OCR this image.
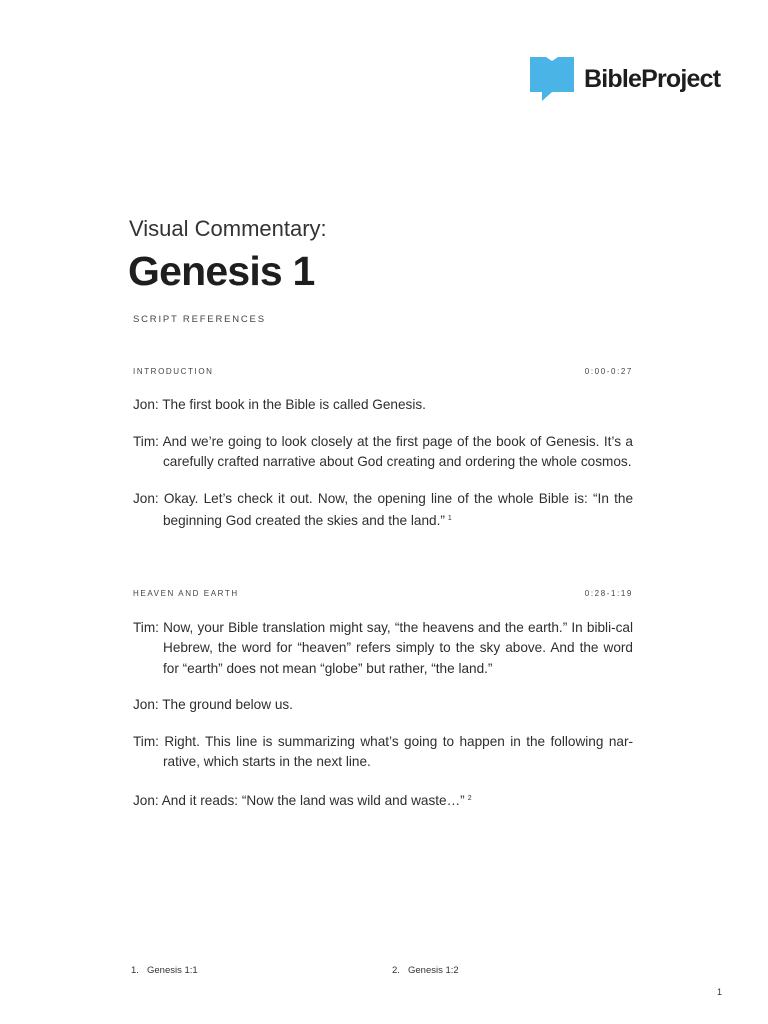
BibleProject
Visual Commentary:
Genesis 1
SCRIPT REFERENCES
INTRODUCTION	0:00-0:27

Jon: The first book in the Bible is called Genesis.

Tim: And we’re going to look closely at the first page of the book of Genesis. It’s a carefully crafted narrative about God creating and ordering the whole cosmos.

Jon: Okay. Let’s check it out. Now, the opening line of the whole Bible is: “In the beginning God created the skies and the land.” $^1$

HEAVEN AND EARTH	0:28-1:19

Tim: Now, your Bible translation might say, “the heavens and the earth.” In bibli-cal Hebrew, the word for “heaven” refers simply to the sky above. And the word for “earth” does not mean “globe” but rather, “the land.”

Jon: The ground below us.

Tim: Right. This line is summarizing what’s going to happen in the following nar-rative, which starts in the next line.

Jon: And it reads: “Now the land was wild and waste…” $^2$

1. Genesis 1:1	2. Genesis 1:2
1
